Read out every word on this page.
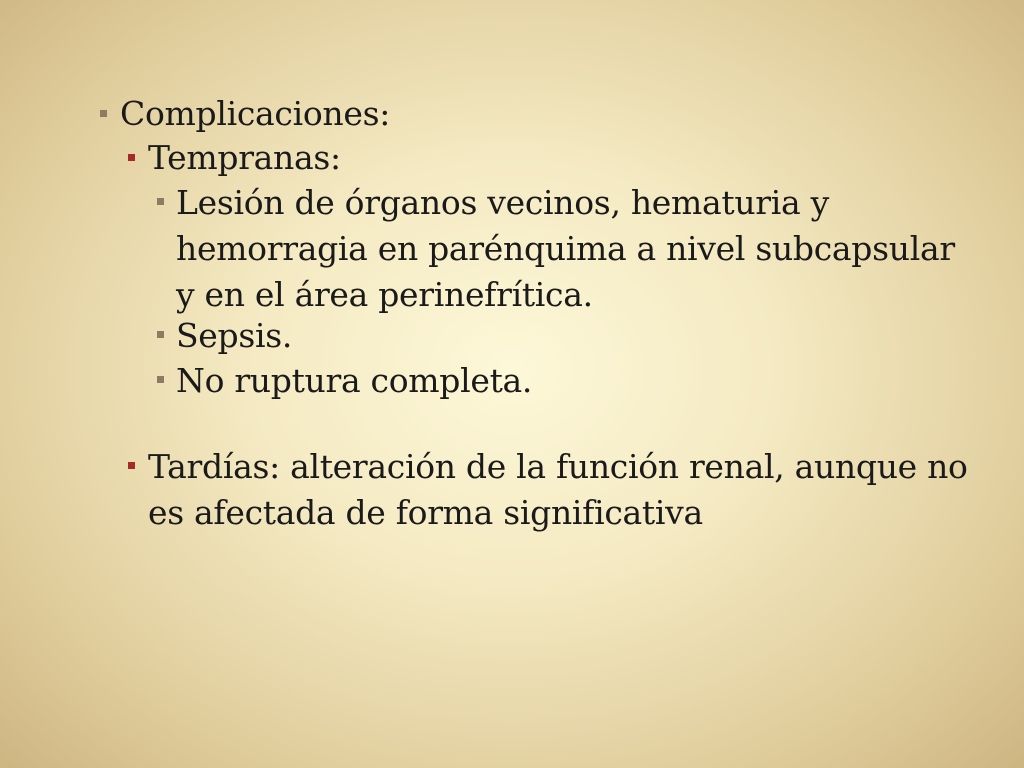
Complicaciones:

Tempranas:

Lesión de órganos vecinos, hematuria y hemorragia en parénquima a nivel subcapsular y en el área perinefrítica.

Sepsis.

No ruptura completa.

Tardías: alteración de la función renal, aunque no es afectada de forma significativa
